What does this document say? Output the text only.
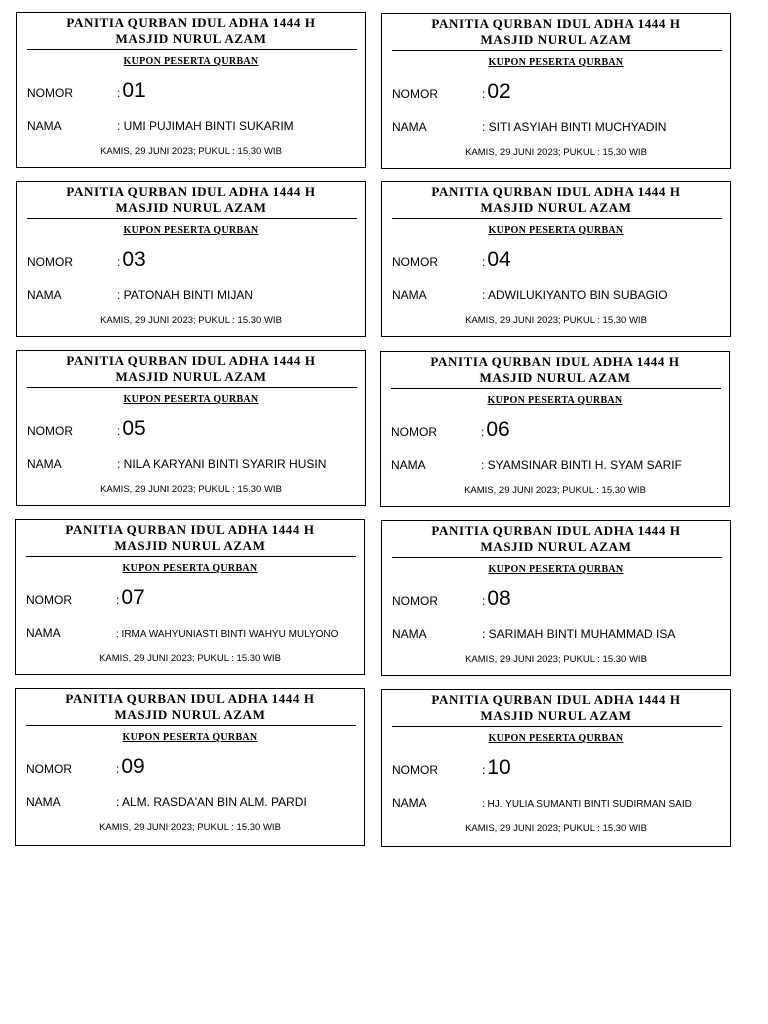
PANITIA QURBAN IDUL ADHA 1444 H
MASJID NURUL AZAM
KUPON PESERTA QURBAN
NOMOR	: 01
NAMA	: UMI PUJIMAH BINTI SUKARIM
KAMIS, 29 JUNI 2023; PUKUL : 15.30 WIB
PANITIA QURBAN IDUL ADHA 1444 H
MASJID NURUL AZAM
KUPON PESERTA QURBAN
NOMOR	: 02
NAMA	: SITI ASYIAH BINTI MUCHYADIN
KAMIS, 29 JUNI 2023; PUKUL : 15.30 WIB
PANITIA QURBAN IDUL ADHA 1444 H
MASJID NURUL AZAM
KUPON PESERTA QURBAN
NOMOR	: 03
NAMA	: PATONAH BINTI MIJAN
KAMIS, 29 JUNI 2023; PUKUL : 15.30 WIB
PANITIA QURBAN IDUL ADHA 1444 H
MASJID NURUL AZAM
KUPON PESERTA QURBAN
NOMOR	: 04
NAMA	: ADWILUKIYANTO BIN SUBAGIO
KAMIS, 29 JUNI 2023; PUKUL : 15.30 WIB
PANITIA QURBAN IDUL ADHA 1444 H
MASJID NURUL AZAM
KUPON PESERTA QURBAN
NOMOR	: 05
NAMA	: NILA KARYANI BINTI SYARIR HUSIN
KAMIS, 29 JUNI 2023; PUKUL : 15.30 WIB
PANITIA QURBAN IDUL ADHA 1444 H
MASJID NURUL AZAM
KUPON PESERTA QURBAN
NOMOR	: 06
NAMA	: SYAMSINAR BINTI H. SYAM SARIF
KAMIS, 29 JUNI 2023; PUKUL : 15.30 WIB
PANITIA QURBAN IDUL ADHA 1444 H
MASJID NURUL AZAM
KUPON PESERTA QURBAN
NOMOR	: 07
NAMA	: IRMA WAHYUNIASTI BINTI WAHYU MULYONO
KAMIS, 29 JUNI 2023; PUKUL : 15.30 WIB
PANITIA QURBAN IDUL ADHA 1444 H
MASJID NURUL AZAM
KUPON PESERTA QURBAN
NOMOR	: 08
NAMA	: SARIMAH BINTI MUHAMMAD ISA
KAMIS, 29 JUNI 2023; PUKUL : 15.30 WIB
PANITIA QURBAN IDUL ADHA 1444 H
MASJID NURUL AZAM
KUPON PESERTA QURBAN
NOMOR	: 09
NAMA	: ALM. RASDA'AN BIN ALM. PARDI
KAMIS, 29 JUNI 2023; PUKUL : 15.30 WIB
PANITIA QURBAN IDUL ADHA 1444 H
MASJID NURUL AZAM
KUPON PESERTA QURBAN
NOMOR	: 10
NAMA	: HJ. YULIA SUMANTI BINTI SUDIRMAN SAID
KAMIS, 29 JUNI 2023; PUKUL : 15.30 WIB
